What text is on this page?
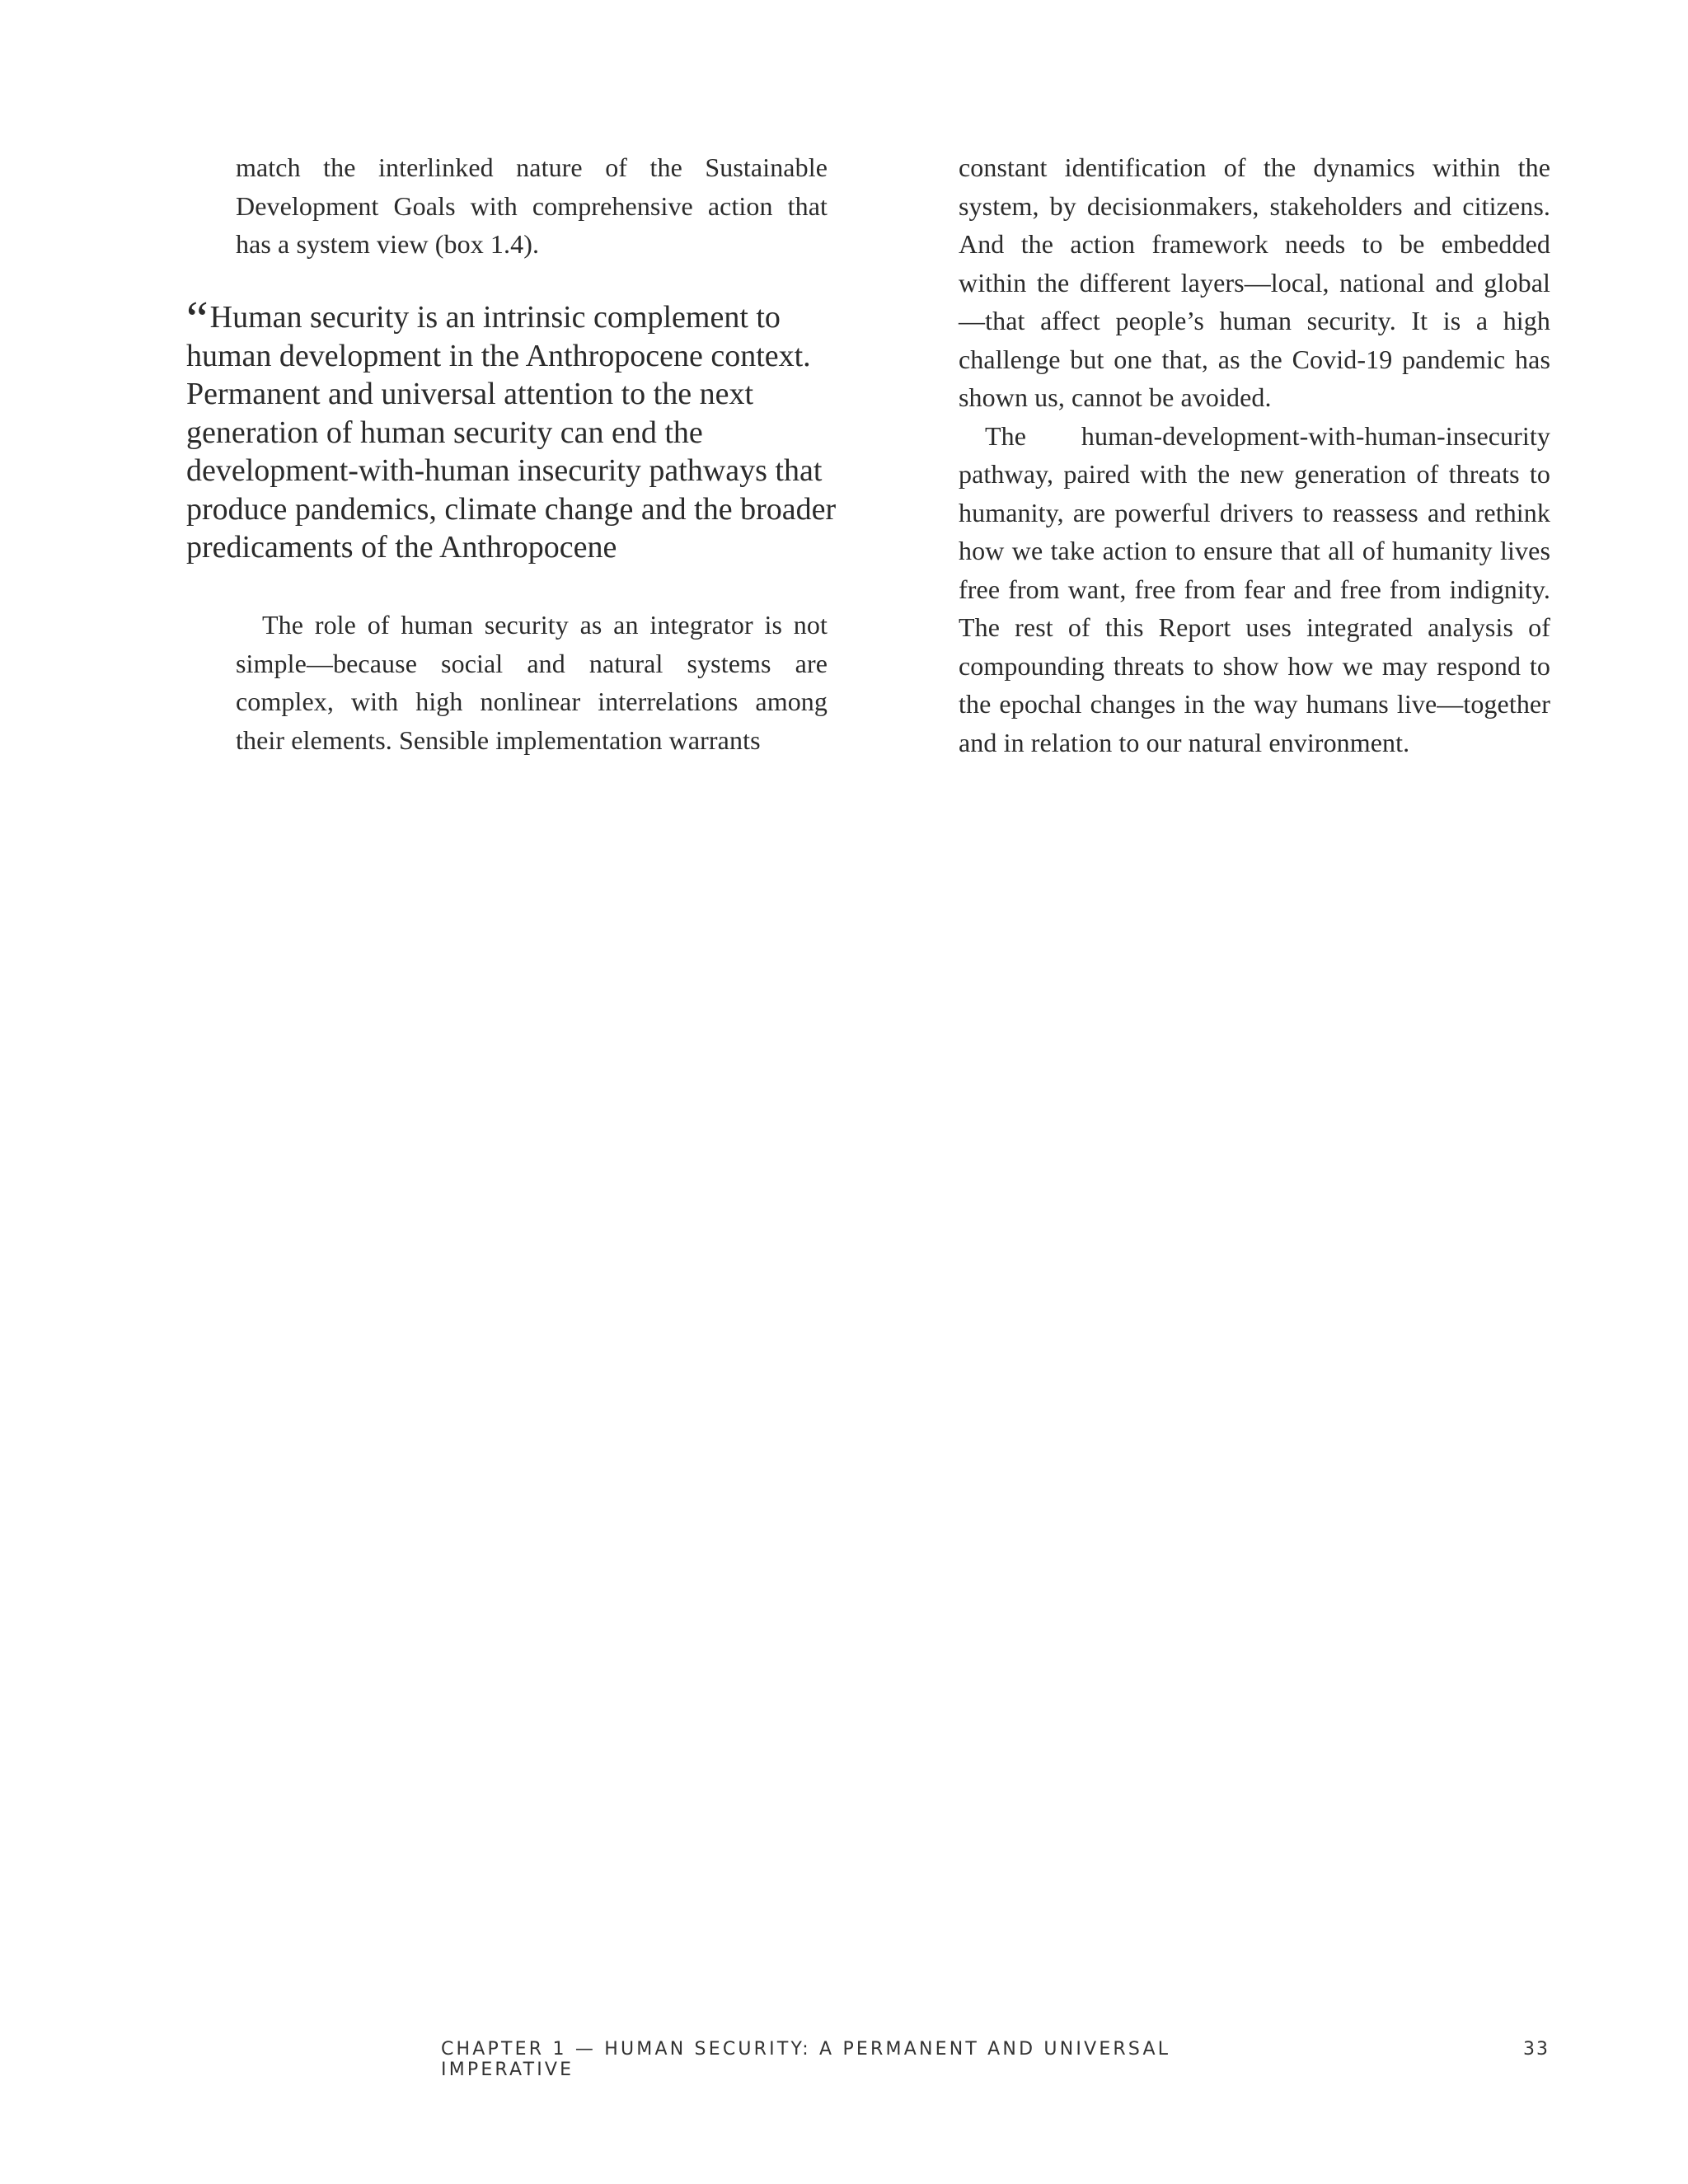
match the interlinked nature of the Sustainable Development Goals with comprehensive action that has a system view (box 1.4).

“Human security is an intrinsic complement to human development in the Anthropocene context. Permanent and universal attention to the next generation of human security can end the development-with-human insecurity pathways that produce pandemics, climate change and the broader predicaments of the Anthropocene

The role of human security as an integrator is not simple—because social and natural systems are complex, with high nonlinear interrelations among their elements. Sensible implementation warrants

constant identification of the dynamics within the system, by decisionmakers, stakeholders and citizens. And the action framework needs to be embedded within the different layers—local, national and global—that affect people’s human security. It is a high challenge but one that, as the Covid-19 pandemic has shown us, cannot be avoided.

The human-development-with-human-insecurity pathway, paired with the new generation of threats to humanity, are powerful drivers to reassess and rethink how we take action to ensure that all of humanity lives free from want, free from fear and free from indignity. The rest of this Report uses integrated analysis of compounding threats to show how we may respond to the epochal changes in the way humans live—together and in relation to our natural environment.

CHAPTER 1 — HUMAN SECURITY: A PERMANENT AND UNIVERSAL IMPERATIVE
33
